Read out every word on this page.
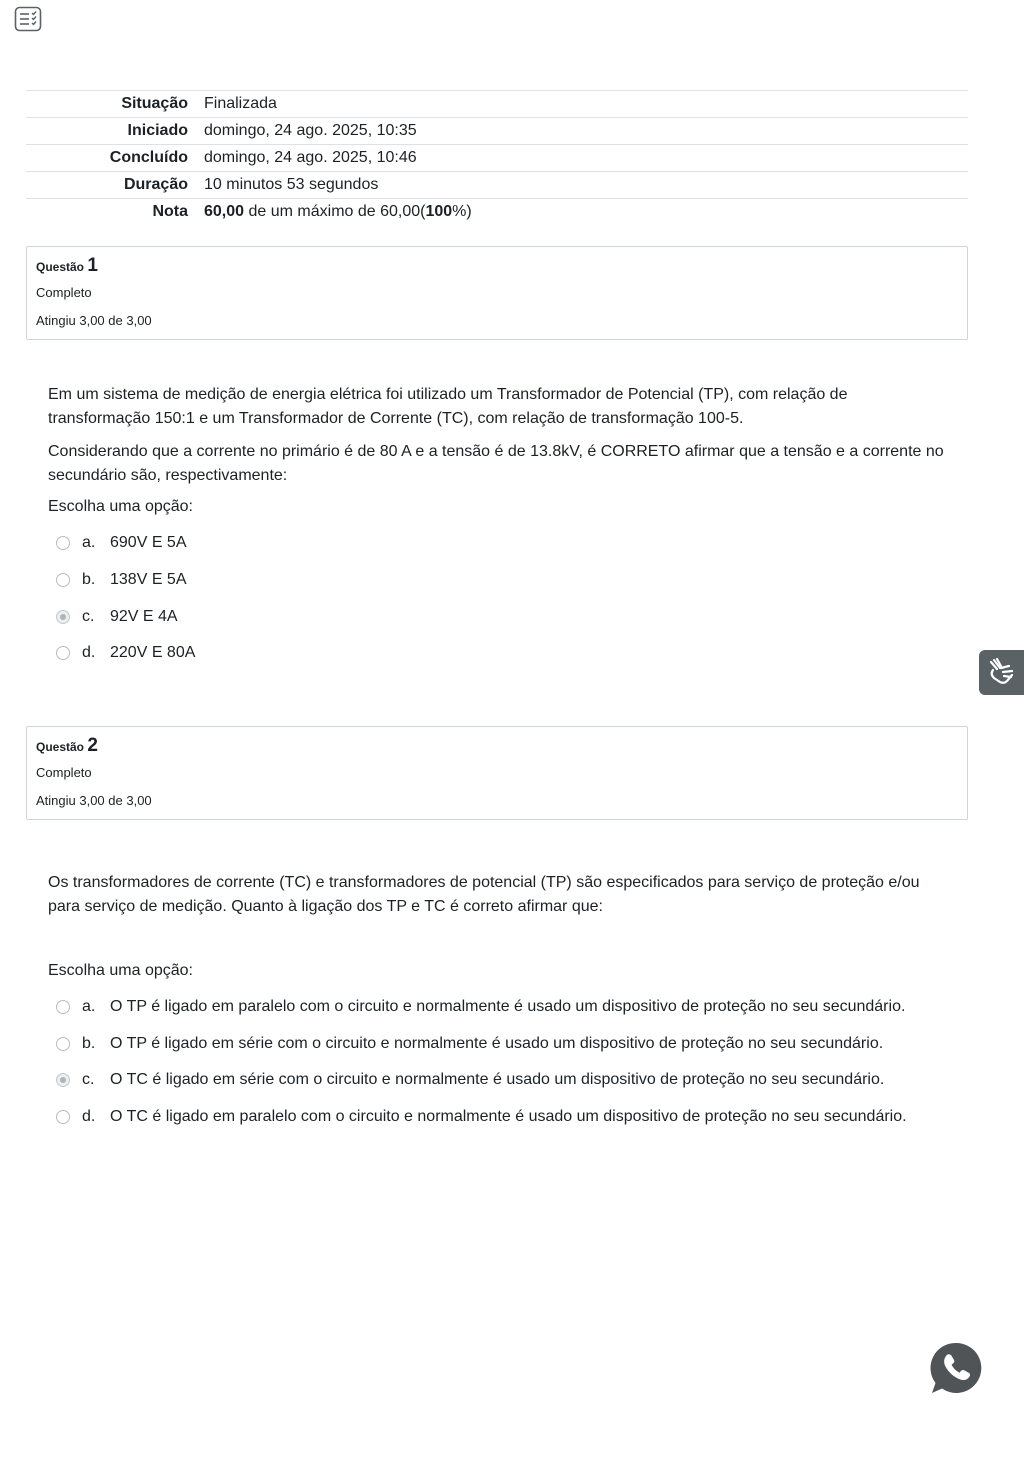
Situação	Finalizada
Iniciado	domingo, 24 ago. 2025, 10:35
Concluído	domingo, 24 ago. 2025, 10:46
Duração	10 minutos 53 segundos
Nota	60,00 de um máximo de 60,00(100%)
Questão 1
Completo
Atingiu 3,00 de 3,00

Em um sistema de medição de energia elétrica foi utilizado um Transformador de Potencial (TP), com relação de transformação 150:1 e um Transformador de Corrente (TC), com relação de transformação 100-5.

Considerando que a corrente no primário é de 80 A e a tensão é de 13.8kV, é CORRETO afirmar que a tensão e a corrente no secundário são, respectivamente:

Escolha uma opção:
a. 690V E 5A
b. 138V E 5A
c. 92V E 4A
d. 220V E 80A
Questão 2
Completo
Atingiu 3,00 de 3,00

Os transformadores de corrente (TC) e transformadores de potencial (TP) são especificados para serviço de proteção e/ou para serviço de medição. Quanto à ligação dos TP e TC é correto afirmar que:

Escolha uma opção:
a. O TP é ligado em paralelo com o circuito e normalmente é usado um dispositivo de proteção no seu secundário.
b. O TP é ligado em série com o circuito e normalmente é usado um dispositivo de proteção no seu secundário.
c. O TC é ligado em série com o circuito e normalmente é usado um dispositivo de proteção no seu secundário.
d. O TC é ligado em paralelo com o circuito e normalmente é usado um dispositivo de proteção no seu secundário.
